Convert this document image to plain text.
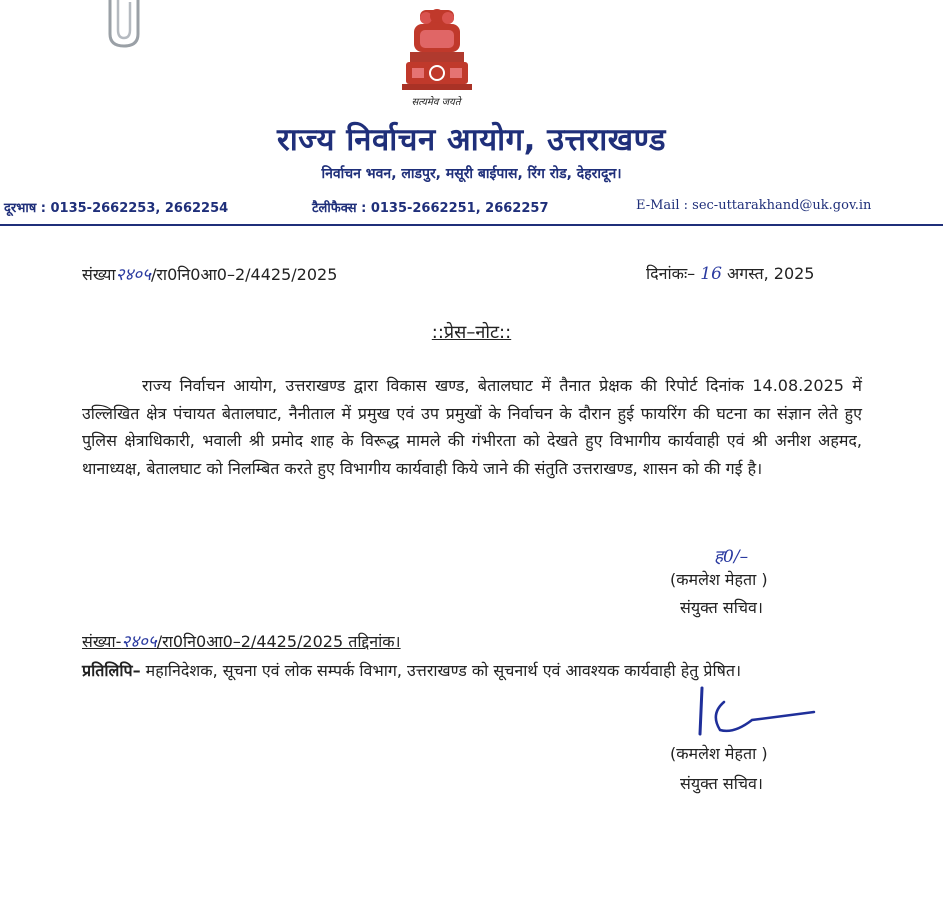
सत्यमेव जयते
राज्य निर्वाचन आयोग, उत्तराखण्ड
निर्वाचन भवन, लाडपुर, मसूरी बाईपास, रिंग रोड, देहरादून।
दूरभाष : 0135-2662253, 2662254	टैलीफैक्स : 0135-2662251, 2662257	E-Mail : sec-uttarakhand@uk.gov.in
संख्या२४०५/रा0नि0आ0–2/4425/2025	दिनांकः– 16 अगस्त, 2025
::प्रेस–नोट::
राज्य निर्वाचन आयोग, उत्तराखण्ड द्वारा विकास खण्ड, बेतालघाट में तैनात प्रेक्षक की रिपोर्ट दिनांक 14.08.2025 में उल्लिखित क्षेत्र पंचायत बेतालघाट, नैनीताल में प्रमुख एवं उप प्रमुखों के निर्वाचन के दौरान हुई फायरिंग की घटना का संज्ञान लेते हुए पुलिस क्षेत्राधिकारी, भवाली श्री प्रमोद शाह के विरूद्ध मामले की गंभीरता को देखते हुए विभागीय कार्यवाही एवं श्री अनीश अहमद, थानाध्यक्ष, बेतालघाट को निलम्बित करते हुए विभागीय कार्यवाही किये जाने की संतुति उत्तराखण्ड, शासन को की गई है।
ह0/–
(कमलेश मेहता )
संयुक्त सचिव।
संख्या-२४०५/रा0नि0आ0–2/4425/2025 तद्दिनांक।
प्रतिलिपि– महानिदेशक, सूचना एवं लोक सम्पर्क विभाग, उत्तराखण्ड को सूचनार्थ एवं आवश्यक कार्यवाही हेतु प्रेषित।
(कमलेश मेहता )
संयुक्त सचिव।
